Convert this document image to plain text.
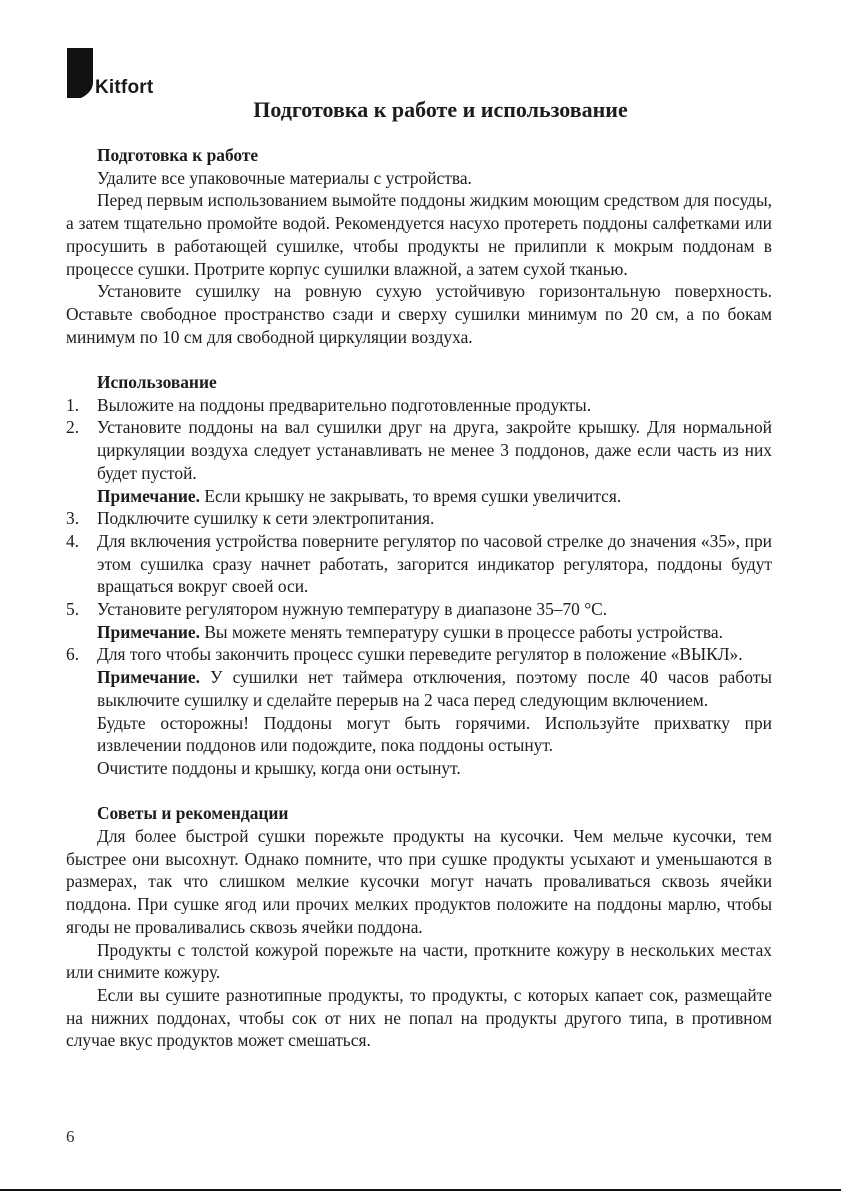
Kitfort
Подготовка к работе и использование

Подготовка к работе

Удалите все упаковочные материалы с устройства.

Перед первым использованием вымойте поддоны жидким моющим средством для посуды, а затем тщательно промойте водой. Рекомендуется насухо протереть поддоны салфетками или просушить в работающей сушилке, чтобы продукты не прилипли к мокрым поддонам в процессе сушки. Протрите корпус сушилки влажной, а затем сухой тканью.

Установите сушилку на ровную сухую устойчивую горизонтальную поверхность. Оставьте свободное пространство сзади и сверху сушилки минимум по 20 см, а по бокам минимум по 10 см для свободной циркуляции воздуха.

Использование

1. Выложите на поддоны предварительно подготовленные продукты.
2. Установите поддоны на вал сушилки друг на друга, закройте крышку. Для нормальной циркуляции воздуха следует устанавливать не менее 3 поддонов, даже если часть из них будет пустой.
Примечание. Если крышку не закрывать, то время сушки увеличится.
3. Подключите сушилку к сети электропитания.
4. Для включения устройства поверните регулятор по часовой стрелке до значения «35», при этом сушилка сразу начнет работать, загорится индикатор регулятора, поддоны будут вращаться вокруг своей оси.
5. Установите регулятором нужную температуру в диапазоне 35–70 °C.
Примечание. Вы можете менять температуру сушки в процессе работы устройства.
6. Для того чтобы закончить процесс сушки переведите регулятор в положение «ВЫКЛ».
Примечание. У сушилки нет таймера отключения, поэтому после 40 часов работы выключите сушилку и сделайте перерыв на 2 часа перед следующим включением.

Будьте осторожны! Поддоны могут быть горячими. Используйте прихватку при извлечении поддонов или подождите, пока поддоны остынут.

Очистите поддоны и крышку, когда они остынут.

Советы и рекомендации

Для более быстрой сушки порежьте продукты на кусочки. Чем мельче кусочки, тем быстрее они высохнут. Однако помните, что при сушке продукты усыхают и уменьшаются в размерах, так что слишком мелкие кусочки могут начать проваливаться сквозь ячейки поддона. При сушке ягод или прочих мелких продуктов положите на поддоны марлю, чтобы ягоды не проваливались сквозь ячейки поддона.

Продукты с толстой кожурой порежьте на части, проткните кожуру в нескольких местах или снимите кожуру.

Если вы сушите разнотипные продукты, то продукты, с которых капает сок, размещайте на нижних поддонах, чтобы сок от них не попал на продукты другого типа, в противном случае вкус продуктов может смешаться.

6
